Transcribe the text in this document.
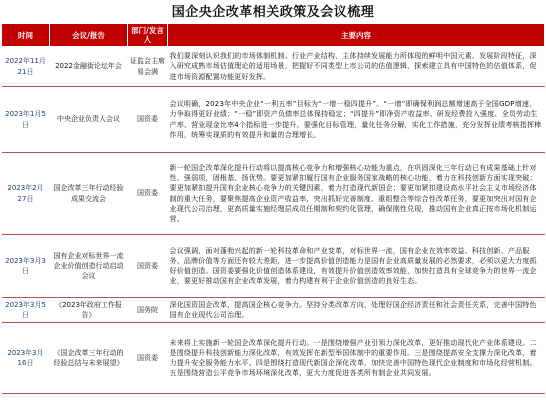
国企央企改革相关政策及会议梳理
时间	会议/报告	部门/发言人	主要内容
2022年11月21日	2022金融街论坛年会	证监会主席易会满	我们要深刻认识我们的市场体制机制、行业产业结构、主体持续发展能力所体现的鲜明中国元素、发展阶段特征，深入研究成熟市场估值理论的适用场景，把握好不同类型上市公司的估值逻辑，探索建立具有中国特色的估值体系，促进市场资源配置功能更好发挥。
2023年1月5日	中央企业负责人会议	国资委	会议明确，2023年中央企业“一利五率”目标为“一增一稳四提升”。“一增”即确保利润总额增速高于全国GDP增速，力争取得更好业绩；“一稳”即资产负债率总体保持稳定；“四提升”即净资产收益率、研发经费投入强度、全员劳动生产率、营业现金比率4个指标进一步提升。要强化目标管理，量化任务分解，实化工作措施，充分发挥业绩考核指挥棒作用，统筹实现质的有效提升和量的合理增长。
2023年2月27日	国企改革三年行动经验成果交流会	国资委	新一轮国企改革深化提升行动将以提高核心竞争力和增强核心功能为重点，在巩固深化三年行动已有成果基础上针对性、强弱项，固根基、扬优势。要更加紧扣履行国有企业服务国家战略的核心功能，着力在科技创新方面实现突破；要更加紧扣提升国有企业核心竞争力的关键因素，着力打造现代新国企；要更加紧扣建设高水平社会主义市场经济体制的重大任务，要聚焦提高企业资产收益率，突出抓好完善制度、重组整合等综合性改革任务，要更加突出对国有企业现代公司治理，更高质量实施经理层成员任期制和契约化管理，确保刚性兑现，推动国有企业真正按市场化机制运营。
2023年3月3日	国有企业对标世界一流企业价值创造行动启动会议	国资委	会议强调，面对蓬勃兴起的新一轮科技革命和产业变革，对标世界一流，国有企业在效率效益、科技创新、产品服务、品牌价值等方面还有较大差距，进一步提高价值创造能力是国有企业高质量发展的必然要求，必须以更大力度抓好价值创造。国资委要强化价值创造体系建设，有效提升价值创造效率效能，加快打造具有全球竞争力的世界一流企业，要更好推动国有企业改革发展，着力构建有利于企业价值创造的良好生态。
2023年3月5日	《2023年政府工作报告》	国务院	深化国资国企改革，提高国企核心竞争力。坚持分类改革方向，处理好国企经济责任和社会责任关系，完善中国特色国有企业现代公司治理。
2023年3月16日	《国企改革三年行动的经验总结与未来展望》	国资委	未来将上实施新一轮国企改革深化提升行动。一是围绕增强产业引领力深化改革，更好推动现代化产业体系建设。二是围绕提升科技创新能力深化改革，有效发挥在新型举国体制中的重要作用。三是围绕提高安全支撑力深化改革，着力提升安全服务能力水平。四是围绕打造现代新国企深化改革，加快完善中国特色现代企业制度和市场化经营机制。五是围绕营造公平竞争市场环境深化改革，更大力度促进各类所有制企业共同发展。
